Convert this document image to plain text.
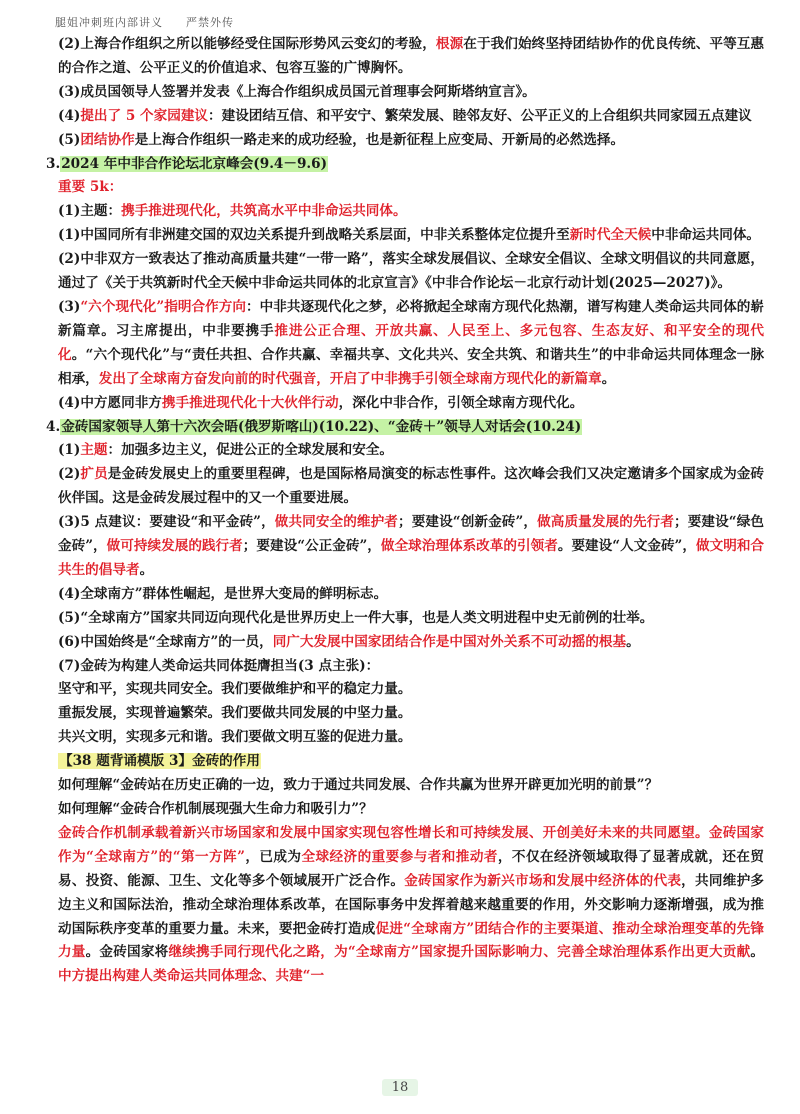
腿姐冲刺班内部讲义 严禁外传

(2)上海合作组织之所以能够经受住国际形势风云变幻的考验，根源在于我们始终坚持团结协作的优良传统、平等互惠的合作之道、公平正义的价值追求、包容互鉴的广博胸怀。

(3)成员国领导人签署并发表《上海合作组织成员国元首理事会阿斯塔纳宣言》。

(4)提出了 5 个家园建议：建设团结互信、和平安宁、繁荣发展、睦邻友好、公平正义的上合组织共同家园五点建议

(5)团结协作是上海合作组织一路走来的成功经验，也是新征程上应变局、开新局的必然选择。

3.2024 年中非合作论坛北京峰会(9.4－9.6)

重要 5k：

(1)主题：携手推进现代化，共筑高水平中非命运共同体。

(1)中国同所有非洲建交国的双边关系提升到战略关系层面，中非关系整体定位提升至新时代全天候中非命运共同体。

(2)中非双方一致表达了推动高质量共建“一带一路”，落实全球发展倡议、全球安全倡议、全球文明倡议的共同意愿，通过了《关于共筑新时代全天候中非命运共同体的北京宣言》《中非合作论坛－北京行动计划(2025—2027)》。

(3)“六个现代化”指明合作方向：中非共逐现代化之梦，必将掀起全球南方现代化热潮，谱写构建人类命运共同体的崭新篇章。习主席提出，中非要携手推进公正合理、开放共赢、人民至上、多元包容、生态友好、和平安全的现代化。“六个现代化”与“责任共担、合作共赢、幸福共享、文化共兴、安全共筑、和谐共生”的中非命运共同体理念一脉相承，发出了全球南方奋发向前的时代强音，开启了中非携手引领全球南方现代化的新篇章。

(4)中方愿同非方携手推进现代化十大伙伴行动，深化中非合作，引领全球南方现代化。

4.金砖国家领导人第十六次会晤(俄罗斯喀山)(10.22)、“金砖＋”领导人对话会(10.24)

(1)主题：加强多边主义，促进公正的全球发展和安全。

(2)扩员是金砖发展史上的重要里程碑，也是国际格局演变的标志性事件。这次峰会我们又决定邀请多个国家成为金砖伙伴国。这是金砖发展过程中的又一个重要进展。

(3)5 点建议：要建设“和平金砖”，做共同安全的维护者；要建设“创新金砖”，做高质量发展的先行者；要建设“绿色金砖”，做可持续发展的践行者；要建设“公正金砖”，做全球治理体系改革的引领者。要建设“人文金砖”，做文明和合共生的倡导者。

(4)全球南方”群体性崛起，是世界大变局的鲜明标志。

(5)“全球南方”国家共同迈向现代化是世界历史上一件大事，也是人类文明进程中史无前例的壮举。

(6)中国始终是“全球南方”的一员，同广大发展中国家团结合作是中国对外关系不可动摇的根基。

(7)金砖为构建人类命运共同体挺膺担当(3 点主张)：

坚守和平，实现共同安全。我们要做维护和平的稳定力量。

重振发展，实现普遍繁荣。我们要做共同发展的中坚力量。

共兴文明，实现多元和谐。我们要做文明互鉴的促进力量。

【38 题背诵模版 3】金砖的作用

如何理解“金砖站在历史正确的一边，致力于通过共同发展、合作共赢为世界开辟更加光明的前景”？

如何理解“金砖合作机制展现强大生命力和吸引力”？

金砖合作机制承载着新兴市场国家和发展中国家实现包容性增长和可持续发展、开创美好未来的共同愿望。金砖国家作为“全球南方”的“第一方阵”，已成为全球经济的重要参与者和推动者，不仅在经济领域取得了显著成就，还在贸易、投资、能源、卫生、文化等多个领域展开广泛合作。金砖国家作为新兴市场和发展中经济体的代表，共同维护多边主义和国际法治，推动全球治理体系改革，在国际事务中发挥着越来越重要的作用，外交影响力逐渐增强，成为推动国际秩序变革的重要力量。未来，要把金砖打造成促进“全球南方”团结合作的主要渠道、推动全球治理变革的先锋力量。金砖国家将继续携手同行现代化之路，为“全球南方”国家提升国际影响力、完善全球治理体系作出更大贡献。中方提出构建人类命运共同体理念、共建“一

18
